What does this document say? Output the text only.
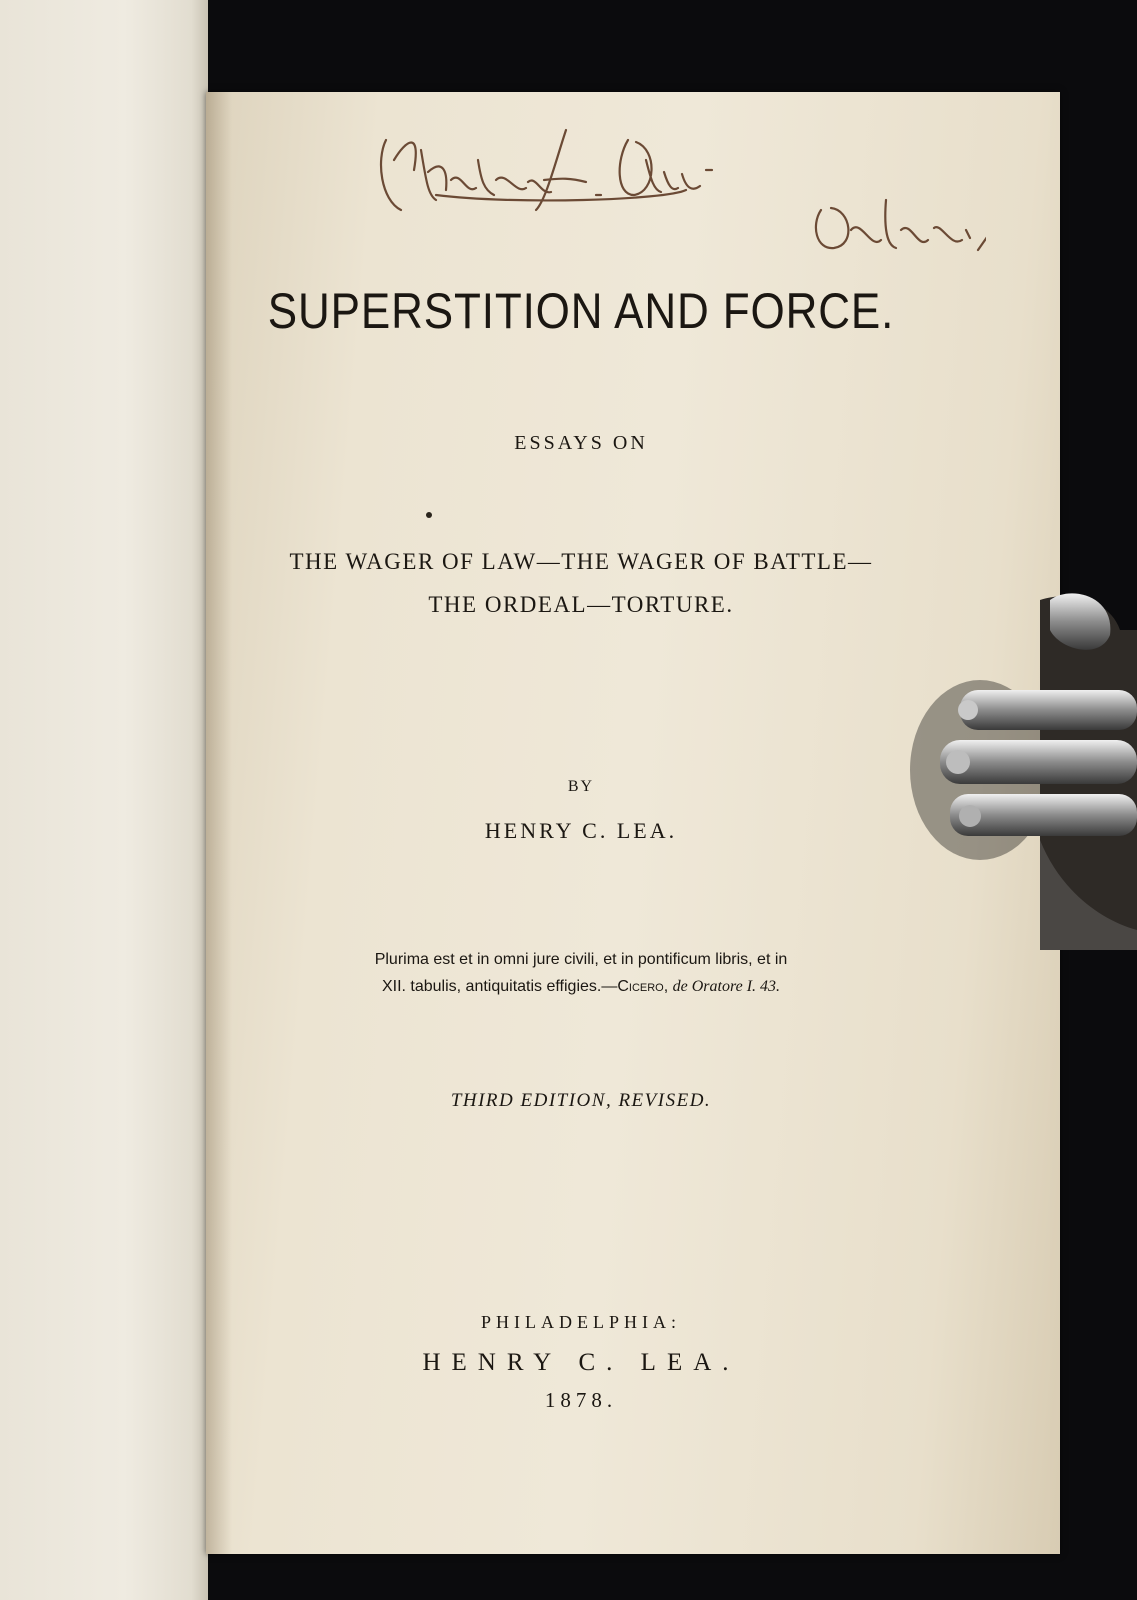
SUPERSTITION AND FORCE.
ESSAYS ON
THE WAGER OF LAW—THE WAGER OF BATTLE—
THE ORDEAL—TORTURE.
BY
HENRY C. LEA.
Plurima est et in omni jure civili, et in pontificum libris, et in
XII. tabulis, antiquitatis effigies.—Cicero, de Oratore I. 43.
THIRD EDITION, REVISED.
PHILADELPHIA:
HENRY C. LEA.
1878.
